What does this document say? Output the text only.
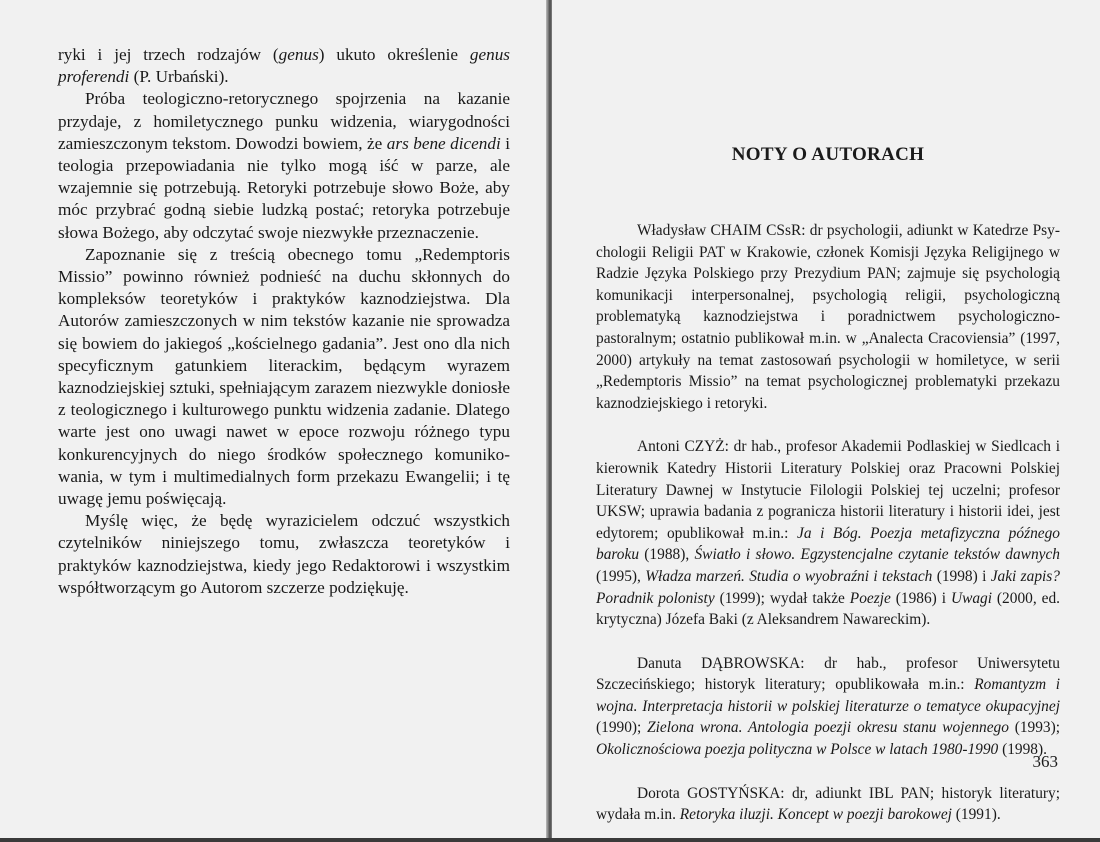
ryki i jej trzech rodzajów (genus) ukuto określenie genus proferendi (P. Urbański).

Próba teologiczno-retorycznego spojrzenia na kazanie przydaje, z homiletycznego punku widzenia, wiarygodności zamieszczonym tekstom. Dowodzi bowiem, że ars bene dicendi i teologia przepowiadania nie tylko mogą iść w parze, ale wzajemnie się potrzebują. Retoryki potrzebuje słowo Boże, aby móc przybrać godną siebie ludzką postać; retoryka potrzebuje słowa Bożego, aby odczytać swoje niezwykłe przeznaczenie.

Zapoznanie się z treścią obecnego tomu „Redemptoris Missio” powinno również podnieść na duchu skłonnych do kompleksów teoretyków i praktyków kaznodziejstwa. Dla Autorów zamieszczonych w nim tekstów kazanie nie sprowadza się bowiem do jakiegoś „kościelnego gadania”. Jest ono dla nich specyficznym gatunkiem literackim, będącym wyrazem kaznodziejskiej sztuki, spełniającym zarazem niezwykle doniosłe z teologicznego i kulturowego punktu widzenia zadanie. Dlatego warte jest ono uwagi nawet w epoce rozwoju różnego typu konkurencyjnych do niego środków społecznego komunikowania, w tym i multimedialnych form przekazu Ewangelii; i tę uwagę jemu poświęcają.

Myślę więc, że będę wyrazicielem odczuć wszystkich czytelników niniejszego tomu, zwłaszcza teoretyków i praktyków kaznodziejstwa, kiedy jego Redaktorowi i wszystkim współtworzącym go Autorom szczerze podziękuję.

NOTY O AUTORACH

Władysław CHAIM CSsR: dr psychologii, adiunkt w Katedrze Psychologii Religii PAT w Krakowie, członek Komisji Języka Religijnego w Radzie Języka Polskiego przy Prezydium PAN; zajmuje się psychologią komunikacji interpersonalnej, psychologią religii, psychologiczną problematyką kaznodziejstwa i poradnictwem psychologiczno-pastoralnym; ostatnio publikował m.in. w „Analecta Cracoviensia” (1997, 2000) artykuły na temat zastosowań psychologii w homiletyce, w serii „Redemptoris Missio” na temat psychologicznej problematyki przekazu kaznodziejskiego i retoryki.

Antoni CZYŻ: dr hab., profesor Akademii Podlaskiej w Siedlcach i kierownik Katedry Historii Literatury Polskiej oraz Pracowni Polskiej Literatury Dawnej w Instytucie Filologii Polskiej tej uczelni; profesor UKSW; uprawia badania z pogranicza historii literatury i historii idei, jest edytorem; opublikował m.in.: Ja i Bóg. Poezja metafizyczna późnego baroku (1988), Światło i słowo. Egzystencjalne czytanie tekstów dawnych (1995), Władza marzeń. Studia o wyobraźni i tekstach (1998) i Jaki zapis? Poradnik polonisty (1999); wydał także Poezje (1986) i Uwagi (2000, ed. krytyczna) Józefa Baki (z Aleksandrem Nawareckim).

Danuta DĄBROWSKA: dr hab., profesor Uniwersytetu Szczecińskiego; historyk literatury; opublikowała m.in.: Romantyzm i wojna. Interpretacja historii w polskiej literaturze o tematyce okupacyjnej (1990); Zielona wrona. Antologia poezji okresu stanu wojennego (1993); Okolicznościowa poezja polityczna w Polsce w latach 1980-1990 (1998).

Dorota GOSTYŃSKA: dr, adiunkt IBL PAN; historyk literatury; wydała m.in. Retoryka iluzji. Koncept w poezji barokowej (1991).

363
